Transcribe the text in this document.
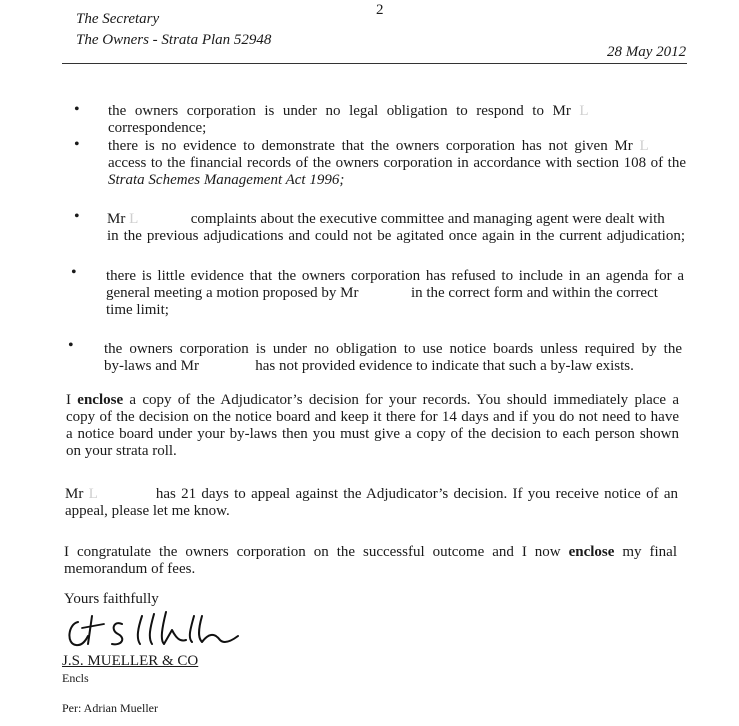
2
The Secretary
The Owners - Strata Plan 52948
28 May 2012
• the owners corporation is under no legal obligation to respond to Mr L
correspondence;
• there is no evidence to demonstrate that the owners corporation has not given Mr L
access to the financial records of the owners corporation in accordance with section 108 of the
Strata Schemes Management Act 1996;
• Mr L              complaints about the executive committee and managing agent were dealt with
in the previous adjudications and could not be agitated once again in the current adjudication;
• there is little evidence that the owners corporation has refused to include in an agenda for a
general meeting a motion proposed by Mr	in the correct form and within the correct
time limit;
• the owners corporation is under no obligation to use notice boards unless required by the
by-laws and Mr	has not provided evidence to indicate that such a by-law exists.
I enclose a copy of the Adjudicator’s decision for your records. You should immediately place a
copy of the decision on the notice board and keep it there for 14 days and if you do not need to have
a notice board under your by-laws then you must give a copy of the decision to each person shown
on your strata roll.
Mr L           has 21 days to appeal against the Adjudicator’s decision. If you receive notice of an
appeal, please let me know.
I congratulate the owners corporation on the successful outcome and I now enclose my final
memorandum of fees.
Yours faithfully
J.S. MUELLER & CO
Encls
Per: Adrian Mueller
